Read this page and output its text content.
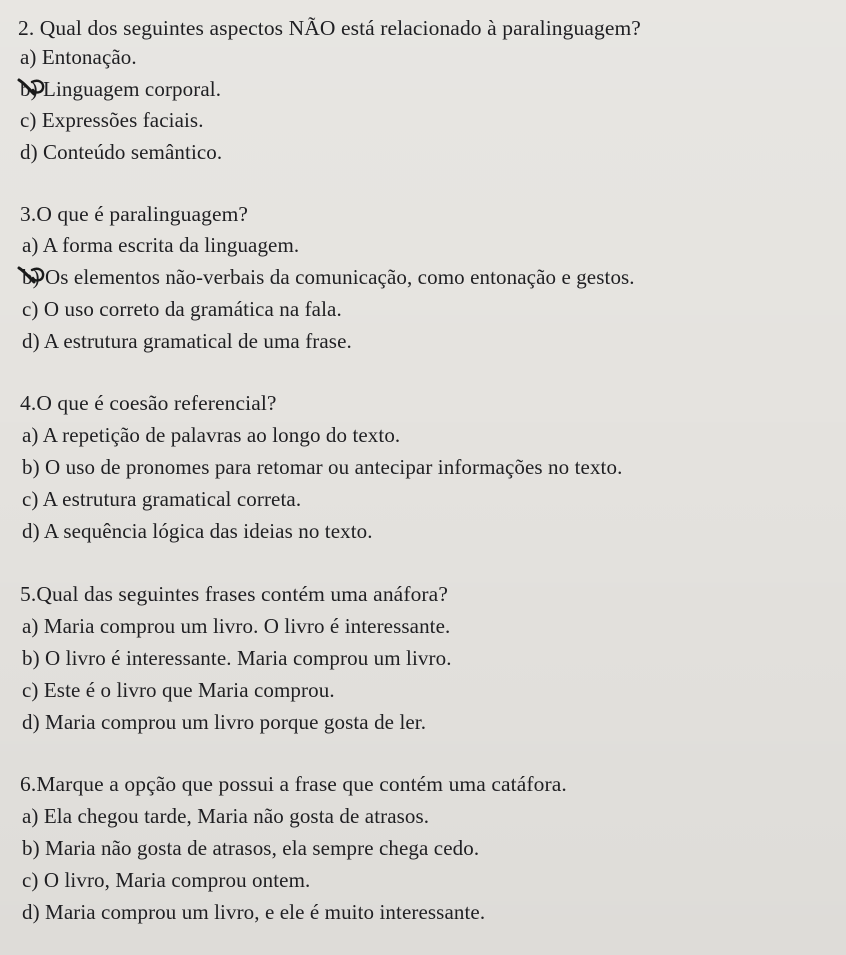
2. Qual dos seguintes aspectos NÃO está relacionado à paralinguagem?
a) Entonação.
b) Linguagem corporal.
c) Expressões faciais.
d) Conteúdo semântico.
3.O que é paralinguagem?
a) A forma escrita da linguagem.
b) Os elementos não-verbais da comunicação, como entonação e gestos.
c) O uso correto da gramática na fala.
d) A estrutura gramatical de uma frase.
4.O que é coesão referencial?
a) A repetição de palavras ao longo do texto.
b) O uso de pronomes para retomar ou antecipar informações no texto.
c) A estrutura gramatical correta.
d) A sequência lógica das ideias no texto.
5.Qual das seguintes frases contém uma anáfora?
a) Maria comprou um livro. O livro é interessante.
b) O livro é interessante. Maria comprou um livro.
c) Este é o livro que Maria comprou.
d) Maria comprou um livro porque gosta de ler.
6.Marque a opção que possui a frase que contém uma catáfora.
a) Ela chegou tarde, Maria não gosta de atrasos.
b) Maria não gosta de atrasos, ela sempre chega cedo.
c) O livro, Maria comprou ontem.
d) Maria comprou um livro, e ele é muito interessante.
